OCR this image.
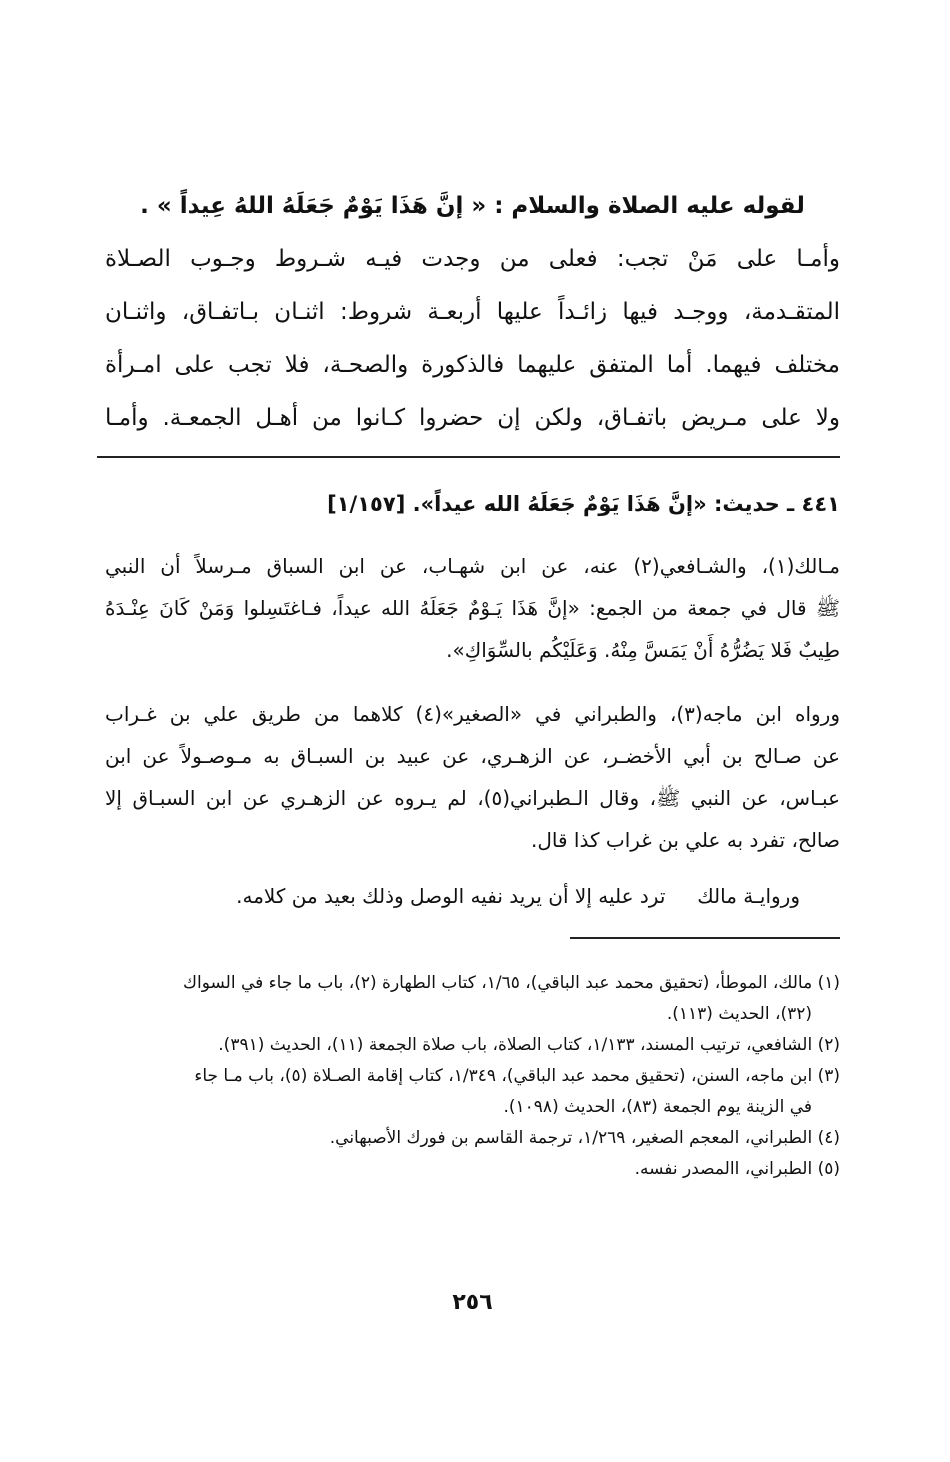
لقوله عليه الصلاة والسلام : « إنَّ هَذَا يَوْمٌ جَعَلَهُ اللهُ عِيداً » .
وأمـا على مَنْ تجب: فعلى من وجدت فيـه شـروط وجـوب الصـلاة
المتقـدمة، ووجـد فيها زائـداً عليها أربعـة شروط: اثنـان بـاتفـاق، واثنـان
مختلف فيهما. أما المتفق عليهما فالذكورة والصحـة، فلا تجب على امـرأة
ولا على مـريض باتفـاق، ولكن إن حضروا كـانوا من أهـل الجمعـة. وأمـا
٤٤١ ـ حديث: «إنَّ هَذَا يَوْمٌ جَعَلَهُ الله عيداً». [١/١٥٧]
مـالك(١)، والشـافعي(٢) عنه، عن ابن شهـاب، عن ابن السباق مـرسلاً أن النبي
ﷺ قال في جمعة من الجمع: «إنَّ هَذَا يَـوْمٌ جَعَلَهُ الله عيداً، فـاغتَسِلوا وَمَنْ كَانَ عِنْـدَهُ
طِيبٌ فَلا يَضُرُّهُ أَنْ يَمَسَّ مِنْهُ. وَعَلَيْكُم بالسِّوَاكِ».
ورواه ابن ماجه(٣)، والطبراني في «الصغير»(٤) كلاهما من طريق علي بن غـراب
عن صـالح بن أبي الأخضـر، عن الزهـري، عن عبيد بن السبـاق به مـوصـولاً عن ابن
عبـاس، عن النبي ﷺ، وقال الـطبراني(٥)، لم يـروه عن الزهـري عن ابن السبـاق إلا
صالح، تفرد به علي بن غراب كذا قال.
وروايـة مالك     ترد عليه إلا أن يريد نفيه الوصل وذلك بعيد من كلامه.
(١) مالك، الموطأ، (تحقيق محمد عبد الباقي)، ١/٦٥، كتاب الطهارة (٢)، باب ما جاء في السواك
(٣٢)، الحديث (١١٣).
(٢) الشافعي، ترتيب المسند، ١/١٣٣، كتاب الصلاة، باب صلاة الجمعة (١١)، الحديث (٣٩١).
(٣) ابن ماجه، السنن، (تحقيق محمد عبد الباقي)، ١/٣٤٩، كتاب إقامة الصـلاة (٥)، باب مـا جاء
في الزينة يوم الجمعة (٨٣)، الحديث (١٠٩٨).
(٤) الطبراني، المعجم الصغير، ١/٢٦٩، ترجمة القاسم بن فورك الأصبهاني.
(٥) الطبراني، االمصدر نفسه.
٢٥٦
